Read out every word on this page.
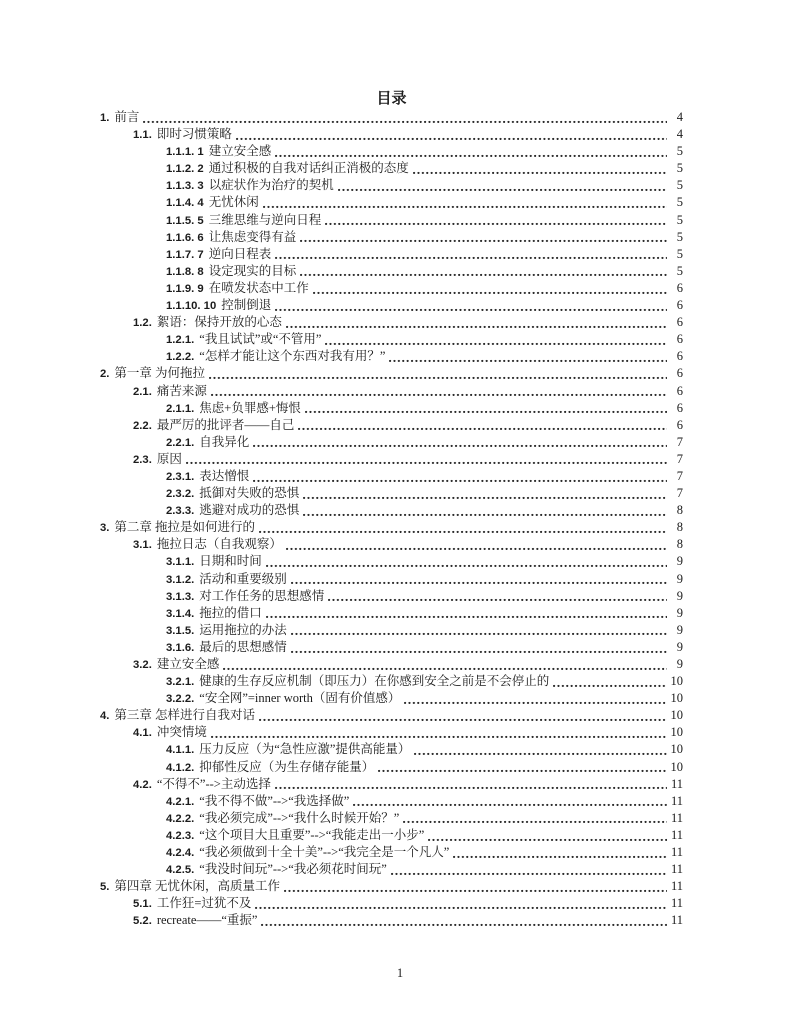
目录
1. 前言	4
1.1. 即时习惯策略	4
1.1.1. 1 建立安全感	5
1.1.2. 2 通过积极的自我对话纠正消极的态度	5
1.1.3. 3 以症状作为治疗的契机	5
1.1.4. 4 无忧休闲	5
1.1.5. 5 三维思维与逆向日程	5
1.1.6. 6 让焦虑变得有益	5
1.1.7. 7 逆向日程表	5
1.1.8. 8 设定现实的目标	5
1.1.9. 9 在喷发状态中工作	6
1.1.10. 10 控制倒退	6
1.2. 絮语：保持开放的心态	6
1.2.1. “我且试试”或“不管用”	6
1.2.2. “怎样才能让这个东西对我有用？”	6
2. 第一章 为何拖拉	6
2.1. 痛苦来源	6
2.1.1. 焦虑+负罪感+悔恨	6
2.2. 最严厉的批评者——自己	6
2.2.1. 自我异化	7
2.3. 原因	7
2.3.1. 表达憎恨	7
2.3.2. 抵御对失败的恐惧	7
2.3.3. 逃避对成功的恐惧	8
3. 第二章 拖拉是如何进行的	8
3.1. 拖拉日志（自我观察）	8
3.1.1. 日期和时间	9
3.1.2. 活动和重要级别	9
3.1.3. 对工作任务的思想感情	9
3.1.4. 拖拉的借口	9
3.1.5. 运用拖拉的办法	9
3.1.6. 最后的思想感情	9
3.2. 建立安全感	9
3.2.1. 健康的生存反应机制（即压力）在你感到安全之前是不会停止的	10
3.2.2. “安全网”=inner worth（固有价值感）	10
4. 第三章 怎样进行自我对话	10
4.1. 冲突情境	10
4.1.1. 压力反应（为“急性应激”提供高能量）	10
4.1.2. 抑郁性反应（为生存储存能量）	10
4.2. “不得不”-->主动选择	11
4.2.1. “我不得不做”-->“我选择做”	11
4.2.2. “我必须完成”-->“我什么时候开始？”	11
4.2.3. “这个项目大且重要”-->“我能走出一小步”	11
4.2.4. “我必须做到十全十美”-->“我完全是一个凡人”	11
4.2.5. “我没时间玩”-->“我必须花时间玩”	11
5. 第四章 无忧休闲，高质量工作	11
5.1. 工作狂=过犹不及	11
5.2. recreate——“重振”	11
1
